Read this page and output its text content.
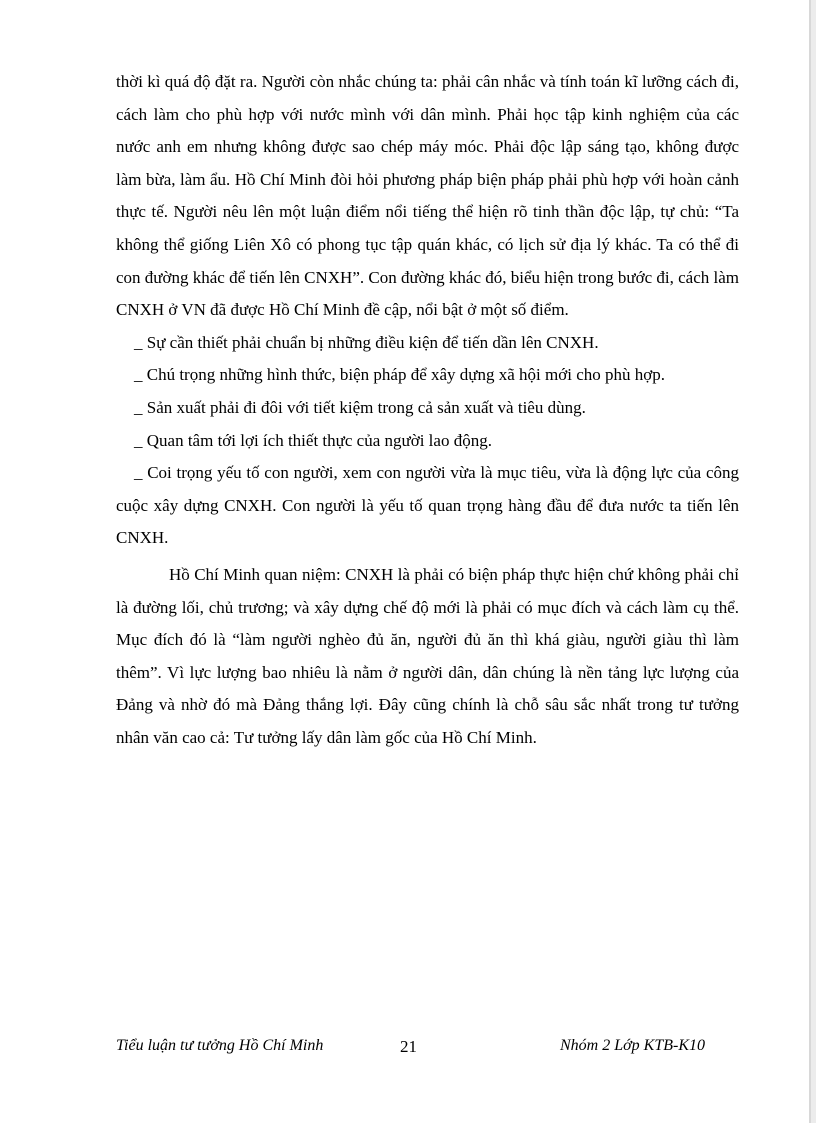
thời kì quá độ đặt ra. Người còn nhắc chúng ta: phải cân nhắc và tính toán kĩ lưỡng cách đi, cách làm cho phù hợp với nước mình với dân mình. Phải học tập kinh nghiệm của các nước anh em nhưng không được sao chép máy móc. Phải độc lập sáng tạo, không được làm bừa, làm ẩu. Hồ Chí Minh đòi hỏi phương pháp biện pháp phải phù hợp với hoàn cảnh thực tế. Người nêu lên một luận điểm nổi tiếng thể hiện rõ tinh thần độc lập, tự chủ: “Ta không thể giống Liên Xô có phong tục tập quán khác, có lịch sử địa lý khác. Ta có thể đi con đường khác để tiến lên CNXH”. Con đường khác đó, biểu hiện trong bước đi, cách làm CNXH ở VN đã được Hồ Chí Minh đề cập, nổi bật ở một số điểm.

_ Sự cần thiết phải chuẩn bị những điều kiện để tiến dần lên CNXH.

_ Chú trọng những hình thức, biện pháp để xây dựng xã hội mới cho phù hợp.

_ Sản xuất phải đi đôi với tiết kiệm trong cả sản xuất và tiêu dùng.

_ Quan tâm tới lợi ích thiết thực của người lao động.

_ Coi trọng yếu tố con người, xem con người vừa là mục tiêu, vừa là động lực của công cuộc xây dựng CNXH. Con người là yếu tố quan trọng hàng đầu để đưa nước ta tiến lên CNXH.

Hồ Chí Minh quan niệm: CNXH là phải có biện pháp thực hiện chứ không phải chỉ là đường lối, chủ trương; và xây dựng chế độ mới là phải có mục đích và cách làm cụ thể. Mục đích đó là “làm người nghèo đủ ăn, người đủ ăn thì khá giàu, người giàu thì làm thêm”. Vì lực lượng bao nhiêu là nằm ở người dân, dân chúng là nền tảng lực lượng của Đảng và nhờ đó mà Đảng thắng lợi. Đây cũng chính là chỗ sâu sắc nhất trong tư tưởng nhân văn cao cả: Tư tưởng lấy dân làm gốc của Hồ Chí Minh.

Tiểu luận tư tưởng Hồ Chí Minh	21	Nhóm 2 Lớp KTB-K10
